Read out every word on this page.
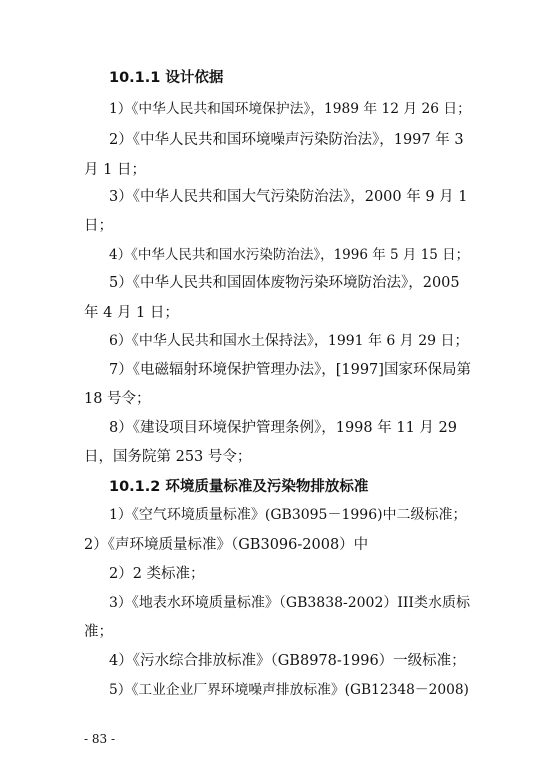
10.1.1 设计依据
1）《中华人民共和国环境保护法》，1989 年 12 月 26 日；
2）《中华人民共和国环境噪声污染防治法》，1997 年 3
月 1 日；
3）《中华人民共和国大气污染防治法》，2000 年 9 月 1
日；
4）《中华人民共和国水污染防治法》，1996 年 5 月 15 日；
5）《中华人民共和国固体废物污染环境防治法》，2005
年 4 月 1 日；
6）《中华人民共和国水土保持法》，1991 年 6 月 29 日；
7）《电磁辐射环境保护管理办法》，[1997]国家环保局第
18 号令；
8）《建设项目环境保护管理条例》，1998 年 11 月 29
日，国务院第 253 号令；
10.1.2 环境质量标准及污染物排放标准
1）《空气环境质量标准》(GB3095－1996)中二级标准；
2）《声环境质量标准》（GB3096-2008）中
2）2 类标准；
3）《地表水环境质量标准》（GB3838-2002）III类水质标
准；
4）《污水综合排放标准》（GB8978-1996）一级标准；
5）《工业企业厂界环境噪声排放标准》(GB12348－2008)
- 83 -
